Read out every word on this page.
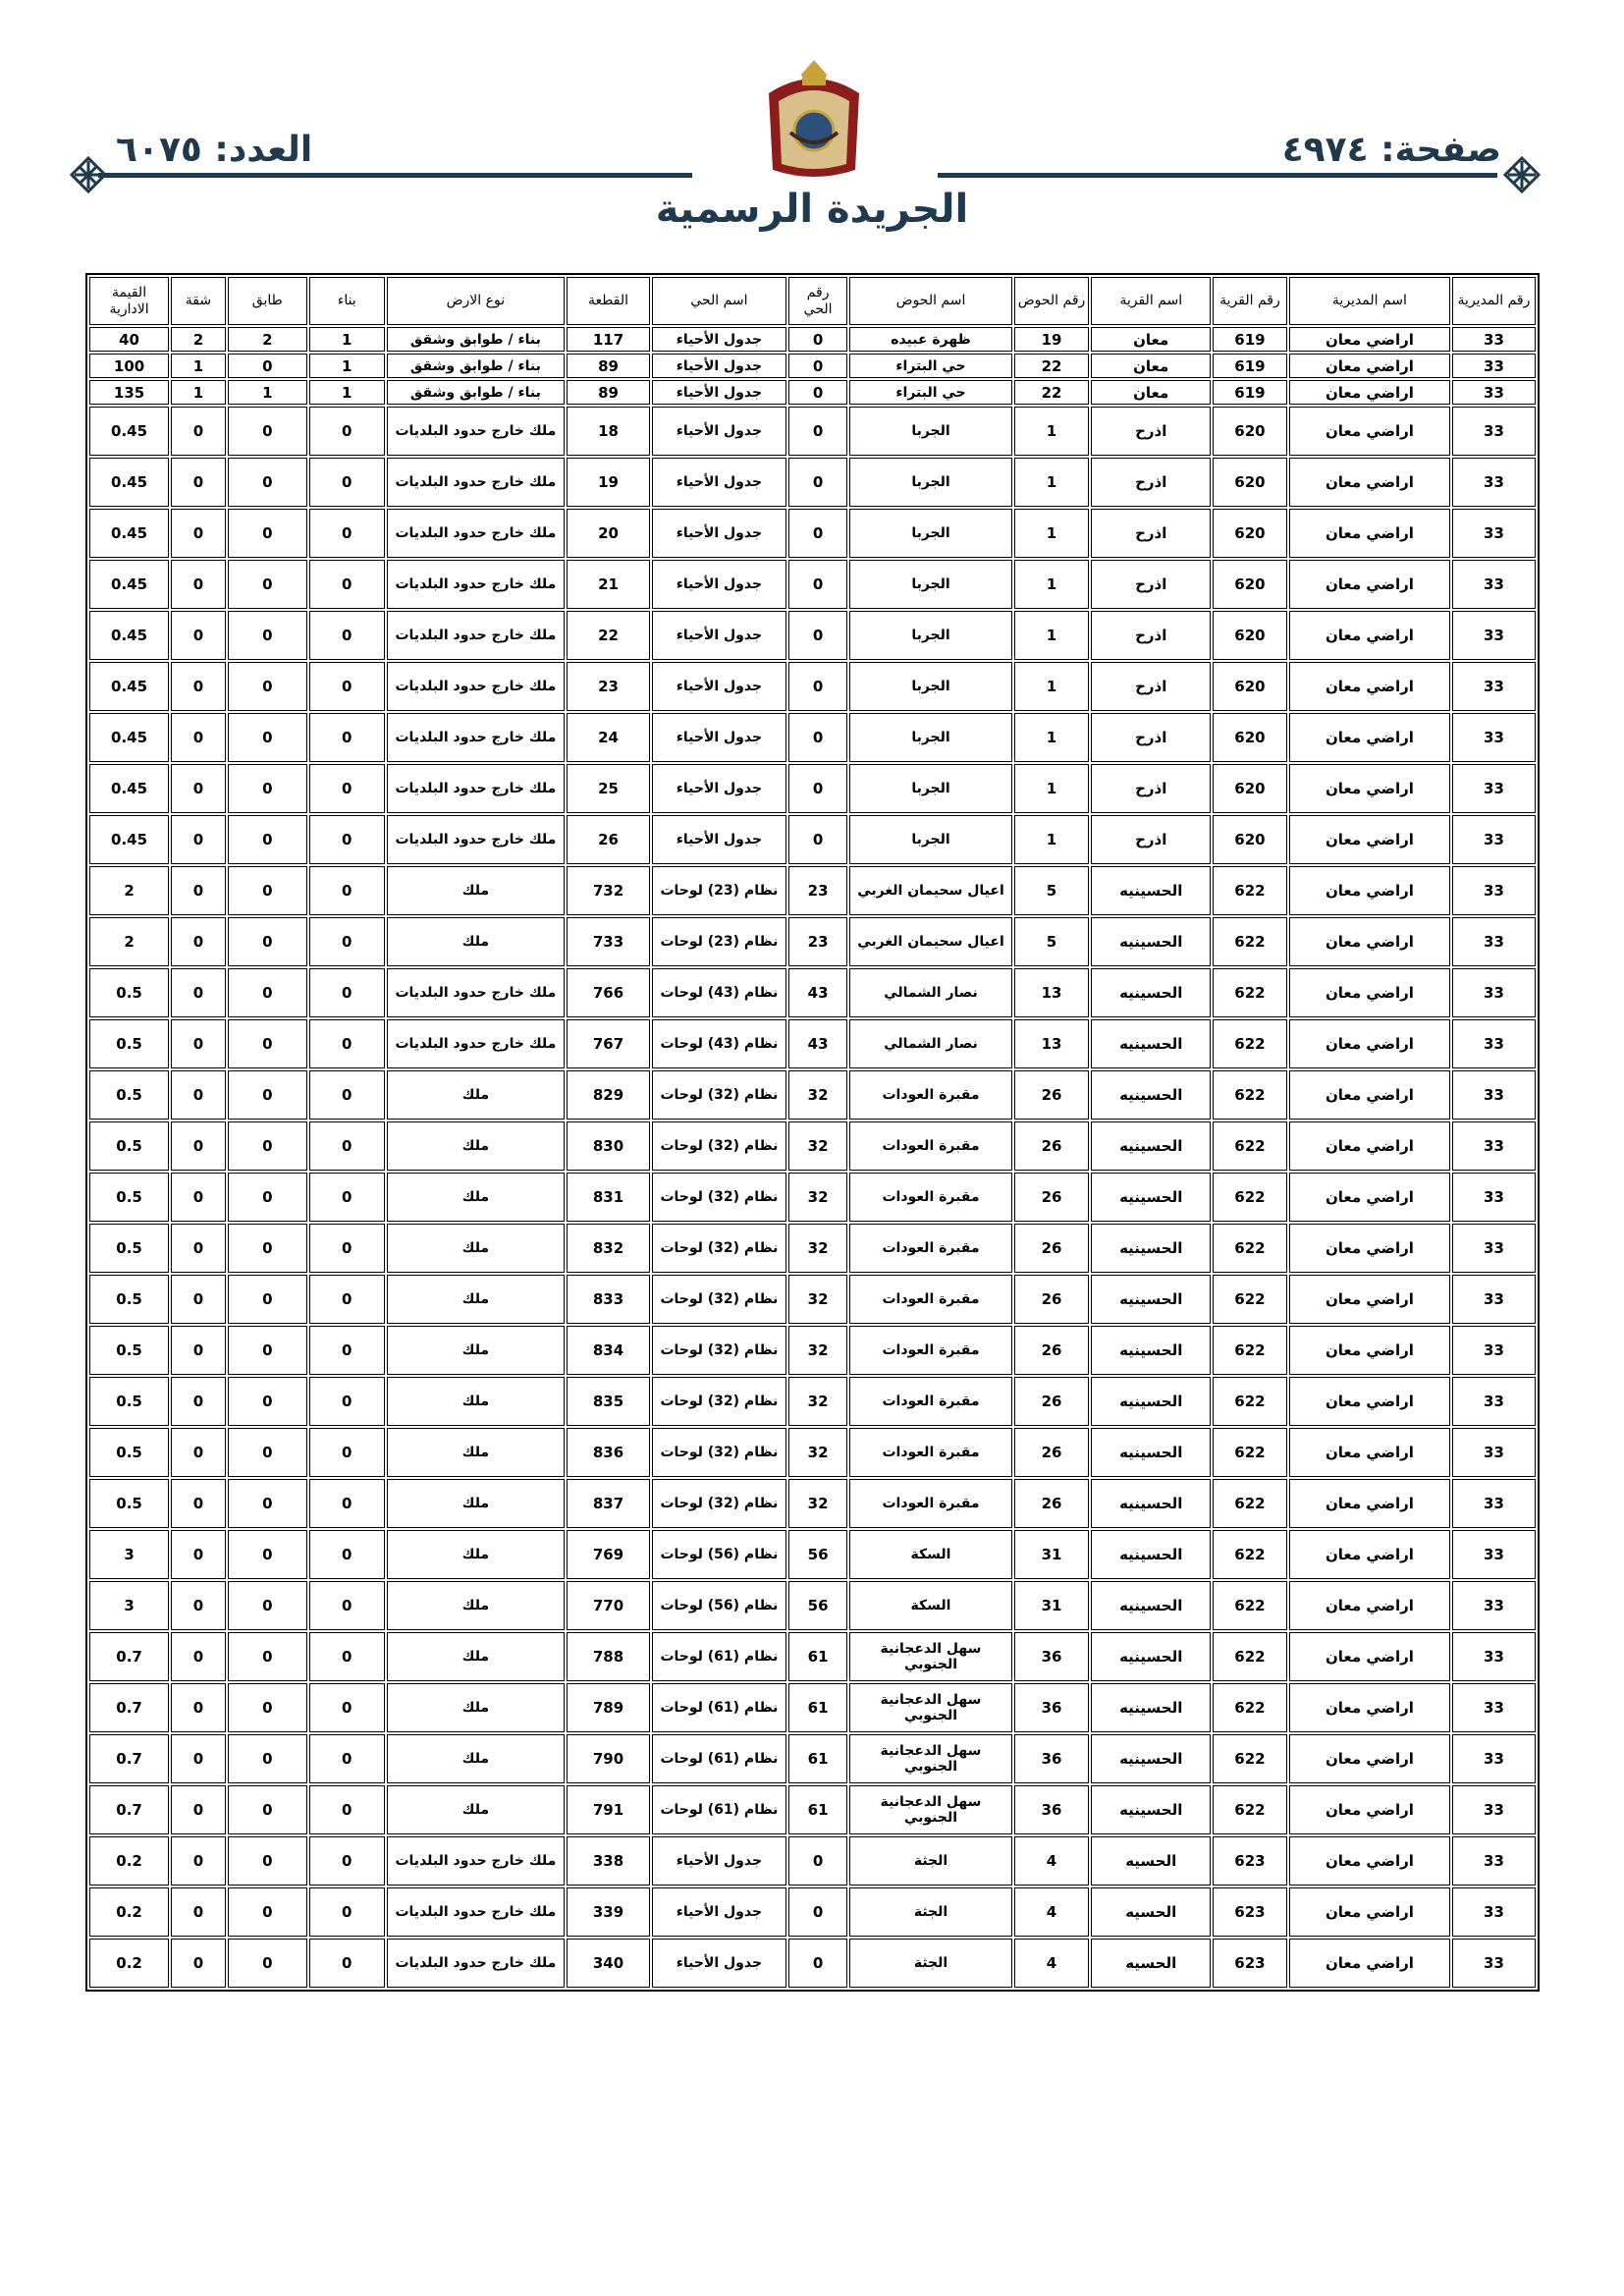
صفحة: ٤٩٧٤
العدد: ٦٠٧٥
الجريدة الرسمية
رقم المديرية	اسم المديرية	رقم القرية	اسم القرية	رقم الحوض	اسم الحوض	رقم الحي	اسم الحي	القطعة	نوع الارض	بناء	طابق	شقة	القيمة الادارية
33	اراضي معان	619	معان	19	ظهرة عبيده	0	جدول الأحياء	117	بناء / طوابق وشقق	1	2	2	40
33	اراضي معان	619	معان	22	حي البتراء	0	جدول الأحياء	89	بناء / طوابق وشقق	1	0	1	100
33	اراضي معان	619	معان	22	حي البتراء	0	جدول الأحياء	89	بناء / طوابق وشقق	1	1	1	135
33	اراضي معان	620	اذرح	1	الجربا	0	جدول الأحياء	18	ملك خارج حدود البلديات	0	0	0	0.45
33	اراضي معان	620	اذرح	1	الجربا	0	جدول الأحياء	19	ملك خارج حدود البلديات	0	0	0	0.45
33	اراضي معان	620	اذرح	1	الجربا	0	جدول الأحياء	20	ملك خارج حدود البلديات	0	0	0	0.45
33	اراضي معان	620	اذرح	1	الجربا	0	جدول الأحياء	21	ملك خارج حدود البلديات	0	0	0	0.45
33	اراضي معان	620	اذرح	1	الجربا	0	جدول الأحياء	22	ملك خارج حدود البلديات	0	0	0	0.45
33	اراضي معان	620	اذرح	1	الجربا	0	جدول الأحياء	23	ملك خارج حدود البلديات	0	0	0	0.45
33	اراضي معان	620	اذرح	1	الجربا	0	جدول الأحياء	24	ملك خارج حدود البلديات	0	0	0	0.45
33	اراضي معان	620	اذرح	1	الجربا	0	جدول الأحياء	25	ملك خارج حدود البلديات	0	0	0	0.45
33	اراضي معان	620	اذرح	1	الجربا	0	جدول الأحياء	26	ملك خارج حدود البلديات	0	0	0	0.45
33	اراضي معان	622	الحسينيه	5	اعيال سحيمان الغربي	23	نظام (23) لوحات	732	ملك	0	0	0	2
33	اراضي معان	622	الحسينيه	5	اعيال سحيمان الغربي	23	نظام (23) لوحات	733	ملك	0	0	0	2
33	اراضي معان	622	الحسينيه	13	نصار الشمالي	43	نظام (43) لوحات	766	ملك خارج حدود البلديات	0	0	0	0.5
33	اراضي معان	622	الحسينيه	13	نصار الشمالي	43	نظام (43) لوحات	767	ملك خارج حدود البلديات	0	0	0	0.5
33	اراضي معان	622	الحسينيه	26	مقبرة العودات	32	نظام (32) لوحات	829	ملك	0	0	0	0.5
33	اراضي معان	622	الحسينيه	26	مقبرة العودات	32	نظام (32) لوحات	830	ملك	0	0	0	0.5
33	اراضي معان	622	الحسينيه	26	مقبرة العودات	32	نظام (32) لوحات	831	ملك	0	0	0	0.5
33	اراضي معان	622	الحسينيه	26	مقبرة العودات	32	نظام (32) لوحات	832	ملك	0	0	0	0.5
33	اراضي معان	622	الحسينيه	26	مقبرة العودات	32	نظام (32) لوحات	833	ملك	0	0	0	0.5
33	اراضي معان	622	الحسينيه	26	مقبرة العودات	32	نظام (32) لوحات	834	ملك	0	0	0	0.5
33	اراضي معان	622	الحسينيه	26	مقبرة العودات	32	نظام (32) لوحات	835	ملك	0	0	0	0.5
33	اراضي معان	622	الحسينيه	26	مقبرة العودات	32	نظام (32) لوحات	836	ملك	0	0	0	0.5
33	اراضي معان	622	الحسينيه	26	مقبرة العودات	32	نظام (32) لوحات	837	ملك	0	0	0	0.5
33	اراضي معان	622	الحسينيه	31	السكة	56	نظام (56) لوحات	769	ملك	0	0	0	3
33	اراضي معان	622	الحسينيه	31	السكة	56	نظام (56) لوحات	770	ملك	0	0	0	3
33	اراضي معان	622	الحسينيه	36	سهل الدعجانية الجنوبي	61	نظام (61) لوحات	788	ملك	0	0	0	0.7
33	اراضي معان	622	الحسينيه	36	سهل الدعجانية الجنوبي	61	نظام (61) لوحات	789	ملك	0	0	0	0.7
33	اراضي معان	622	الحسينيه	36	سهل الدعجانية الجنوبي	61	نظام (61) لوحات	790	ملك	0	0	0	0.7
33	اراضي معان	622	الحسينيه	36	سهل الدعجانية الجنوبي	61	نظام (61) لوحات	791	ملك	0	0	0	0.7
33	اراضي معان	623	الحسيه	4	الجثة	0	جدول الأحياء	338	ملك خارج حدود البلديات	0	0	0	0.2
33	اراضي معان	623	الحسيه	4	الجثة	0	جدول الأحياء	339	ملك خارج حدود البلديات	0	0	0	0.2
33	اراضي معان	623	الحسيه	4	الجثة	0	جدول الأحياء	340	ملك خارج حدود البلديات	0	0	0	0.2
